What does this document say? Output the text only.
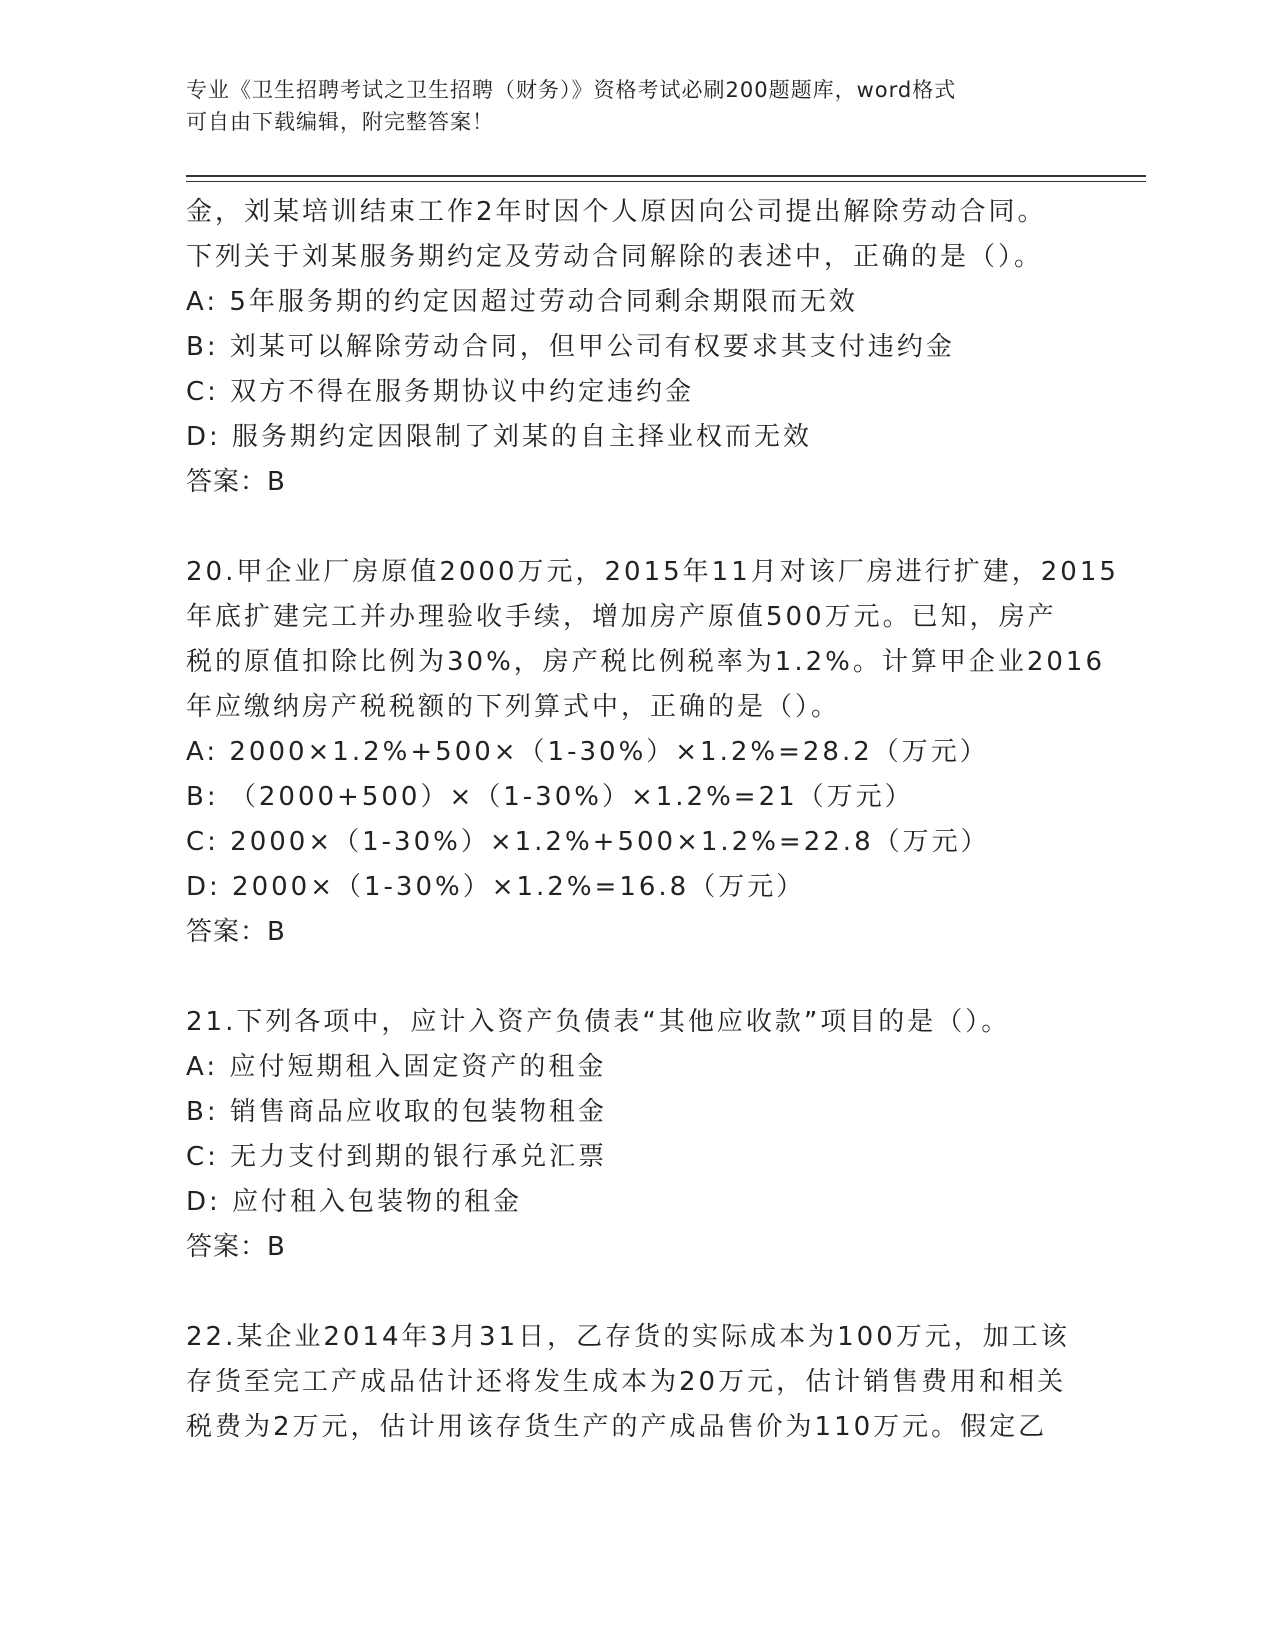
专业《卫生招聘考试之卫生招聘（财务）》资格考试必刷200题题库，word格式
可自由下载编辑，附完整答案！
金，刘某培训结束工作2年时因个人原因向公司提出解除劳动合同。
下列关于刘某服务期约定及劳动合同解除的表述中，正确的是（）。
A: 5年服务期的约定因超过劳动合同剩余期限而无效
B: 刘某可以解除劳动合同，但甲公司有权要求其支付违约金
C: 双方不得在服务期协议中约定违约金
D: 服务期约定因限制了刘某的自主择业权而无效
答案：B
20.甲企业厂房原值2000万元，2015年11月对该厂房进行扩建，2015
年底扩建完工并办理验收手续，增加房产原值500万元。已知，房产
税的原值扣除比例为30%，房产税比例税率为1.2%。计算甲企业2016
年应缴纳房产税税额的下列算式中，正确的是（）。
A: 2000×1.2%+500×（1-30%）×1.2%=28.2（万元）
B: （2000+500）×（1-30%）×1.2%=21（万元）
C: 2000×（1-30%）×1.2%+500×1.2%=22.8（万元）
D: 2000×（1-30%）×1.2%=16.8（万元）
答案：B
21.下列各项中，应计入资产负债表“其他应收款”项目的是（）。
A: 应付短期租入固定资产的租金
B: 销售商品应收取的包装物租金
C: 无力支付到期的银行承兑汇票
D: 应付租入包装物的租金
答案：B
22.某企业2014年3月31日，乙存货的实际成本为100万元，加工该
存货至完工产成品估计还将发生成本为20万元，估计销售费用和相关
税费为2万元，估计用该存货生产的产成品售价为110万元。假定乙
